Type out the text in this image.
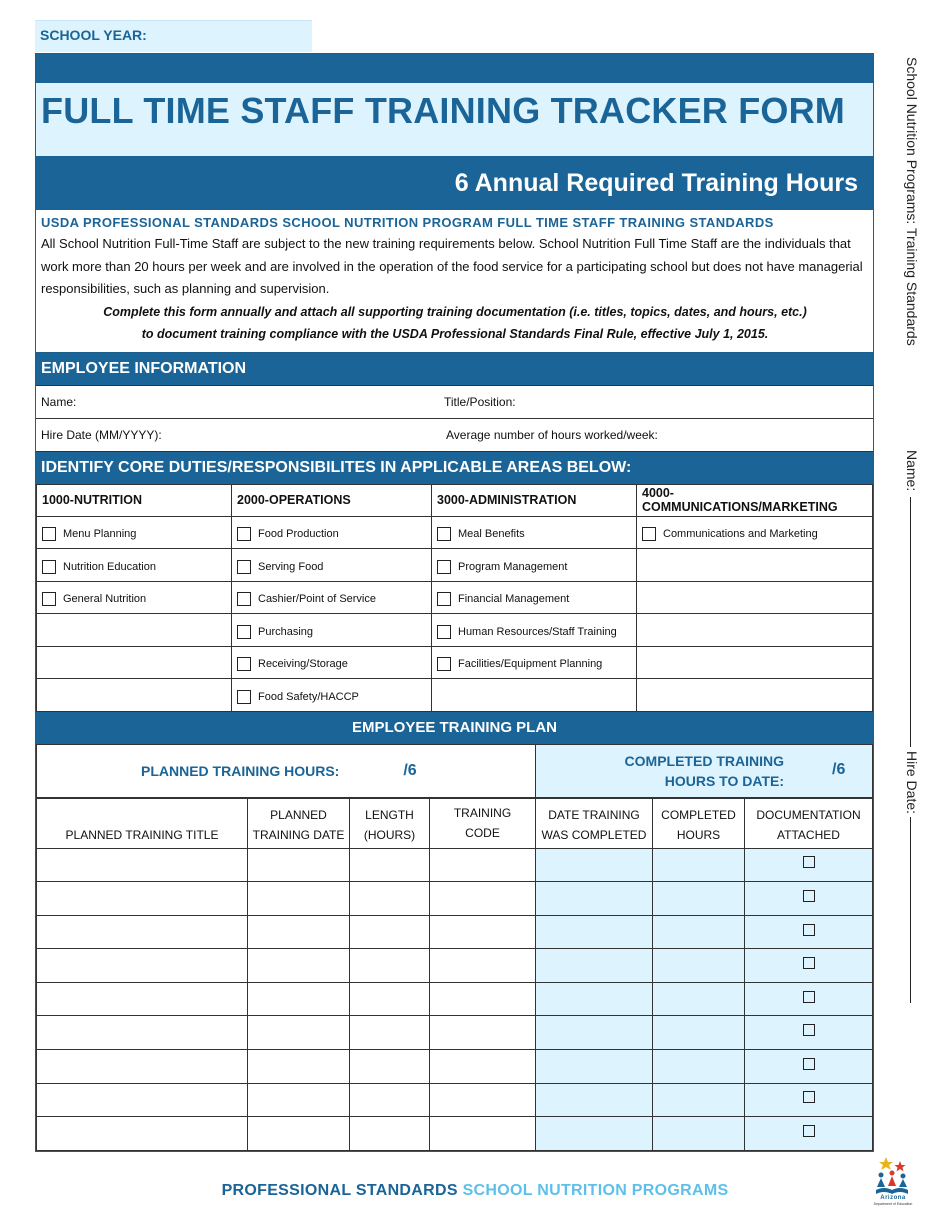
SCHOOL YEAR:
FULL TIME STAFF TRAINING TRACKER FORM
6 Annual Required Training Hours
USDA PROFESSIONAL STANDARDS SCHOOL NUTRITION PROGRAM FULL TIME STAFF TRAINING STANDARDS
All School Nutrition Full-Time Staff are subject to the new training requirements below. School Nutrition Full Time Staff are the individuals that work more than 20 hours per week and are involved in the operation of the food service for a participating school but does not have managerial responsibilities, such as planning and supervision.
Complete this form annually and attach all supporting training documentation (i.e. titles, topics, dates, and hours, etc.)
to document training compliance with the USDA Professional Standards Final Rule, effective July 1, 2015.
EMPLOYEE INFORMATION
Name:	Title/Position:
Hire Date (MM/YYYY):	Average number of hours worked/week:
IDENTIFY CORE DUTIES/RESPONSIBILITES IN APPLICABLE AREAS BELOW:
1000-NUTRITION	2000-OPERATIONS	3000-ADMINISTRATION	4000-COMMUNICATIONS/MARKETING

Menu Planning	Food Production	Meal Benefits	Communications and Marketing

Nutrition Education	Serving Food	Program Management	

General Nutrition	Cashier/Point of Service	Financial Management	

	Purchasing	Human Resources/Staff Training	

	Receiving/Storage	Facilities/Equipment Planning	

	Food Safety/HACCP		

EMPLOYEE TRAINING PLAN
PLANNED TRAINING HOURS:	/6

COMPLETED TRAINING
HOURS TO DATE:
/6
PLANNED TRAINING TITLE	PLANNED TRAINING DATE	LENGTH (HOURS)	TRAINING CODE	DATE TRAINING WAS COMPLETED	COMPLETED HOURS	DOCUMENTATION ATTACHED

School Nutrition Programs: Training Standards
Name:
Hire Date:
PROFESSIONAL STANDARDS SCHOOL NUTRITION PROGRAMS	Arizona
Department of Education
